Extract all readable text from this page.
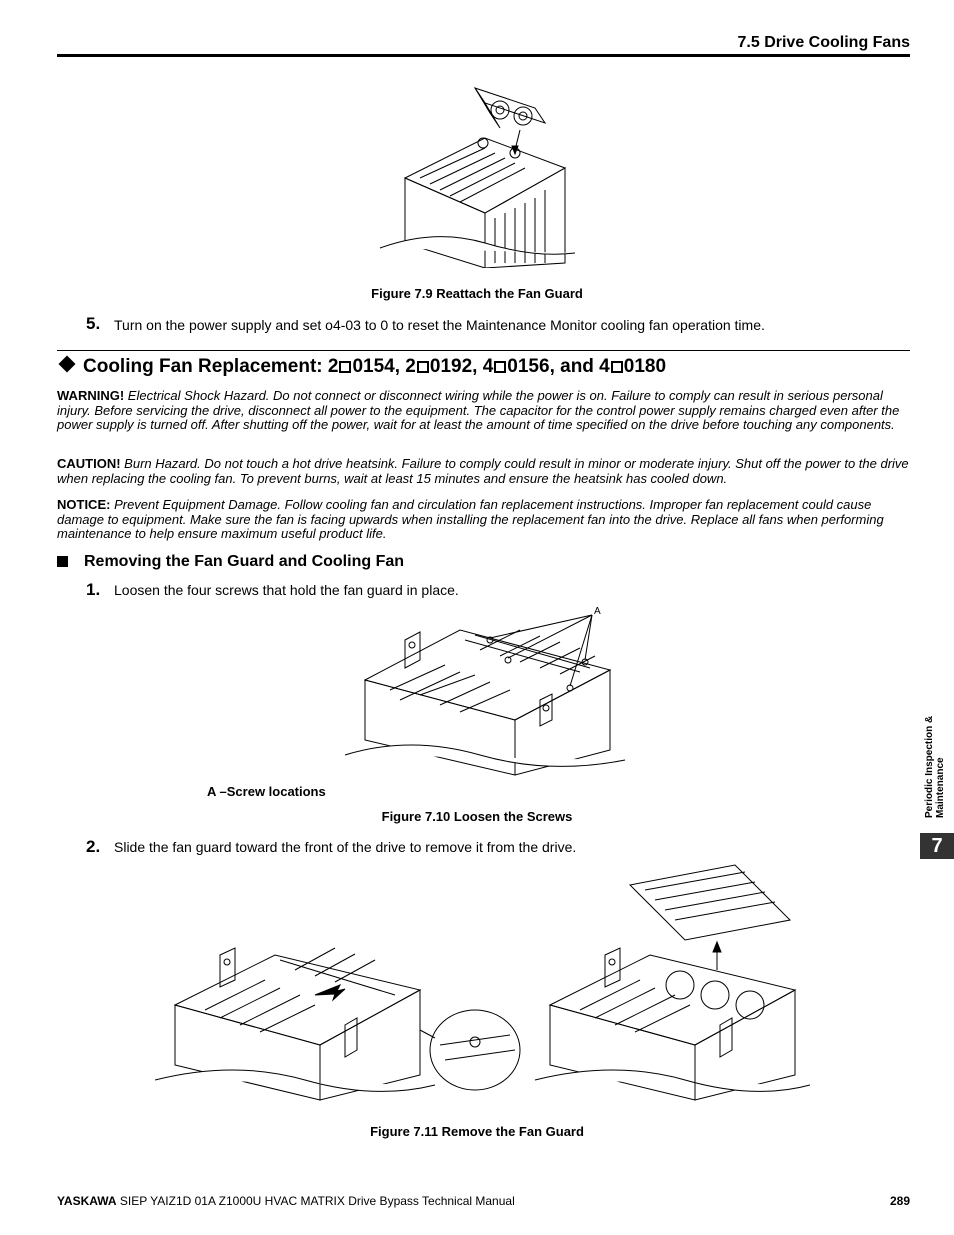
7.5 Drive Cooling Fans
Figure 7.9 Reattach the Fan Guard
5. Turn on the power supply and set o4-03 to 0 to reset the Maintenance Monitor cooling fan operation time.
Cooling Fan Replacement: 2 0154, 2 0192, 4 0156, and 4 0180
WARNING! Electrical Shock Hazard. Do not connect or disconnect wiring while the power is on. Failure to comply can result in serious personal injury. Before servicing the drive, disconnect all power to the equipment. The capacitor for the control power supply remains charged even after the power supply is turned off. After shutting off the power, wait for at least the amount of time specified on the drive before touching any components.
CAUTION! Burn Hazard. Do not touch a hot drive heatsink. Failure to comply could result in minor or moderate injury. Shut off the power to the drive when replacing the cooling fan. To prevent burns, wait at least 15 minutes and ensure the heatsink has cooled down.
NOTICE: Prevent Equipment Damage. Follow cooling fan and circulation fan replacement instructions. Improper fan replacement could cause damage to equipment. Make sure the fan is facing upwards when installing the replacement fan into the drive. Replace all fans when performing maintenance to help ensure maximum useful product life.
Removing the Fan Guard and Cooling Fan
1. Loosen the four screws that hold the fan guard in place.
A
A –Screw locations
Figure 7.10 Loosen the Screws
2. Slide the fan guard toward the front of the drive to remove it from the drive.
Figure 7.11 Remove the Fan Guard
Periodic Inspection & Maintenance
7
YASKAWA SIEP YAIZ1D 01A Z1000U HVAC MATRIX Drive Bypass Technical Manual	289
